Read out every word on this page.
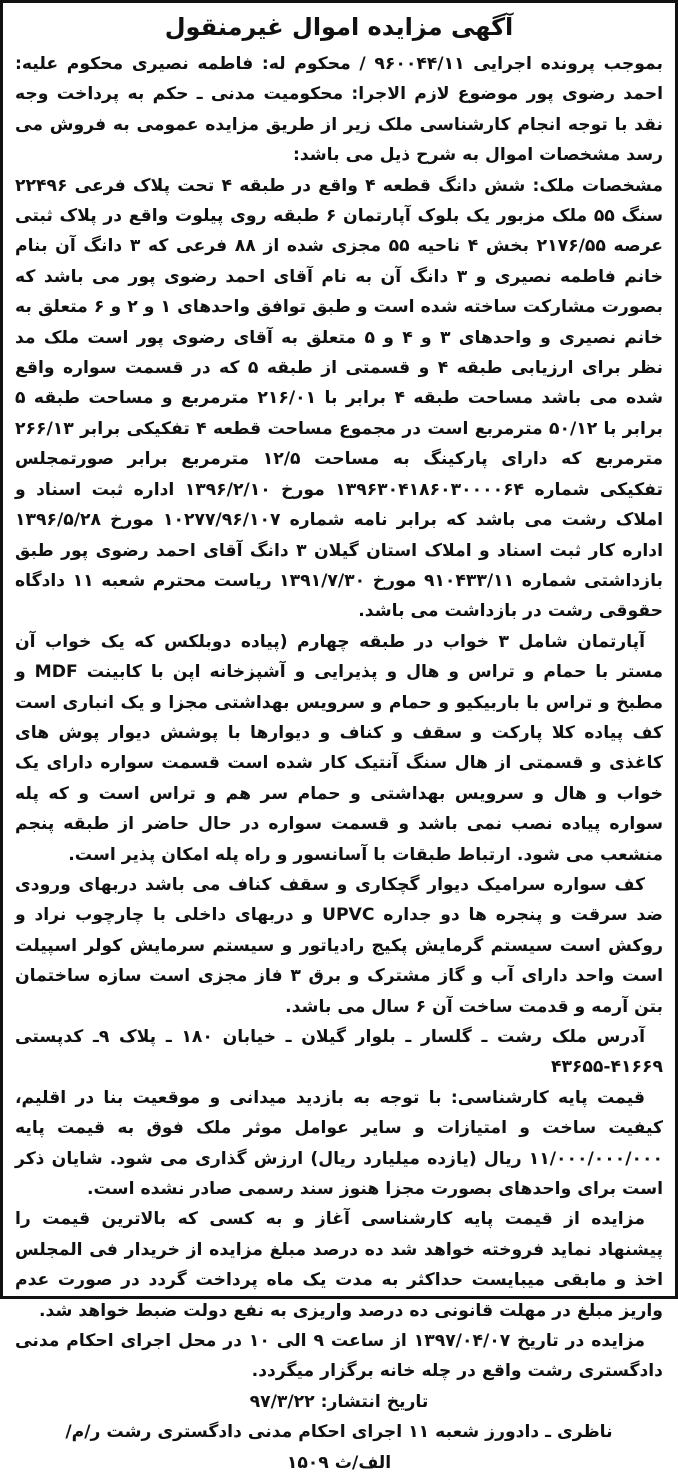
آگهی مزایده اموال غیرمنقول

بموجب پرونده اجرایی ۹۶۰۰۴۴/۱۱ / محکوم له: فاطمه نصیری محکوم علیه: احمد رضوی پور موضوع لازم الاجرا: محکومیت مدنی ـ حکم به پرداخت وجه نقد با توجه انجام کارشناسی ملک زیر از طریق مزایده عمومی به فروش می رسد مشخصات اموال به شرح ذیل می باشد:

مشخصات ملک: شش دانگ قطعه ۴ واقع در طبقه ۴ تحت پلاک فرعی ۲۲۴۹۶ سنگ ۵۵ ملک مزبور یک بلوک آپارتمان ۶ طبقه روی پیلوت واقع در پلاک ثبتی عرصه ۲۱۷۶/۵۵ بخش ۴ ناحیه ۵۵ مجزی شده از ۸۸ فرعی که ۳ دانگ آن بنام خانم فاطمه نصیری و ۳ دانگ آن به نام آقای احمد رضوی پور می باشد که بصورت مشارکت ساخته شده است و طبق توافق واحدهای ۱ و ۲ و ۶ متعلق به خانم نصیری و واحدهای ۳ و ۴ و ۵ متعلق به آقای رضوی پور است ملک مد نظر برای ارزیابی طبقه ۴ و قسمتی از طبقه ۵ که در قسمت سواره واقع شده می باشد مساحت طبقه ۴ برابر با ۲۱۶/۰۱ مترمربع و مساحت طبقه ۵ برابر با ۵۰/۱۲ مترمربع است در مجموع مساحت قطعه ۴ تفکیکی برابر ۲۶۶/۱۳ مترمربع که دارای پارکینگ به مساحت ۱۲/۵ مترمربع برابر صورتمجلس تفکیکی شماره ۱۳۹۶۳۰۴۱۸۶۰۳۰۰۰۰۶۴ مورخ ۱۳۹۶/۲/۱۰ اداره ثبت اسناد و املاک رشت می باشد که برابر نامه شماره ۱۰۲۷۷/۹۶/۱۰۷ مورخ ۱۳۹۶/۵/۲۸ اداره کار ثبت اسناد و املاک استان گیلان ۳ دانگ آقای احمد رضوی پور طبق بازداشتی شماره ۹۱۰۴۳۳/۱۱ مورخ ۱۳۹۱/۷/۳۰ ریاست محترم شعبه ۱۱ دادگاه حقوقی رشت در بازداشت می باشد.

آپارتمان شامل ۳ خواب در طبقه چهارم (پیاده دوبلکس که یک خواب آن مستر با حمام و تراس و هال و پذیرایی و آشپزخانه اپن با کابینت MDF و مطبخ و تراس با باربیکیو و حمام و سرویس بهداشتی مجزا و یک انباری است کف پیاده کلا پارکت و سقف و کناف و دیوارها با پوشش دیوار پوش های کاغذی و قسمتی از هال سنگ آنتیک کار شده است قسمت سواره دارای یک خواب و هال و سرویس بهداشتی و حمام سر هم و تراس است و که پله سواره پیاده نصب نمی باشد و قسمت سواره در حال حاضر از طبقه پنجم منشعب می شود. ارتباط طبقات با آسانسور و راه پله امکان پذیر است.

کف سواره سرامیک دیوار گچکاری و سقف کناف می باشد دربهای ورودی ضد سرقت و پنجره ها دو جداره UPVC و دربهای داخلی با چارچوب نراد و روکش است سیستم گرمایش پکیج رادیاتور و سیستم سرمایش کولر اسپیلت است واحد دارای آب و گاز مشترک و برق ۳ فاز مجزی است سازه ساختمان بتن آرمه و قدمت ساخت آن ۶ سال می باشد.

آدرس ملک رشت ـ گلسار ـ بلوار گیلان ـ خیابان ۱۸۰ ـ پلاک ۹ـ کدپستی ۴۱۶۶۹-۴۳۶۵۵

قیمت پایه کارشناسی: با توجه به بازدید میدانی و موقعیت بنا در اقلیم، کیفیت ساخت و امتیازات و سایر عوامل موثر ملک فوق به قیمت پایه ۱۱/۰۰۰/۰۰۰/۰۰۰ ریال (یازده میلیارد ریال) ارزش گذاری می شود. شایان ذکر است برای واحدهای بصورت مجزا هنوز سند رسمی صادر نشده است.

مزایده از قیمت پایه کارشناسی آغاز و به کسی که بالاترین قیمت را پیشنهاد نماید فروخته خواهد شد ده درصد مبلغ مزایده از خریدار فی المجلس اخذ و مابقی میبایست حداکثر به مدت یک ماه پرداخت گردد در صورت عدم واریز مبلغ در مهلت قانونی ده درصد واریزی به نفع دولت ضبط خواهد شد.

مزایده در تاریخ ۱۳۹۷/۰۴/۰۷ از ساعت ۹ الی ۱۰ در محل اجرای احکام مدنی دادگستری رشت واقع در چله خانه برگزار میگردد.

تاریخ انتشار: ۹۷/۳/۲۲

ناظری ـ دادورز شعبه ۱۱ اجرای احکام مدنی دادگستری رشت ر/م/

الف/ث ۱۵۰۹
